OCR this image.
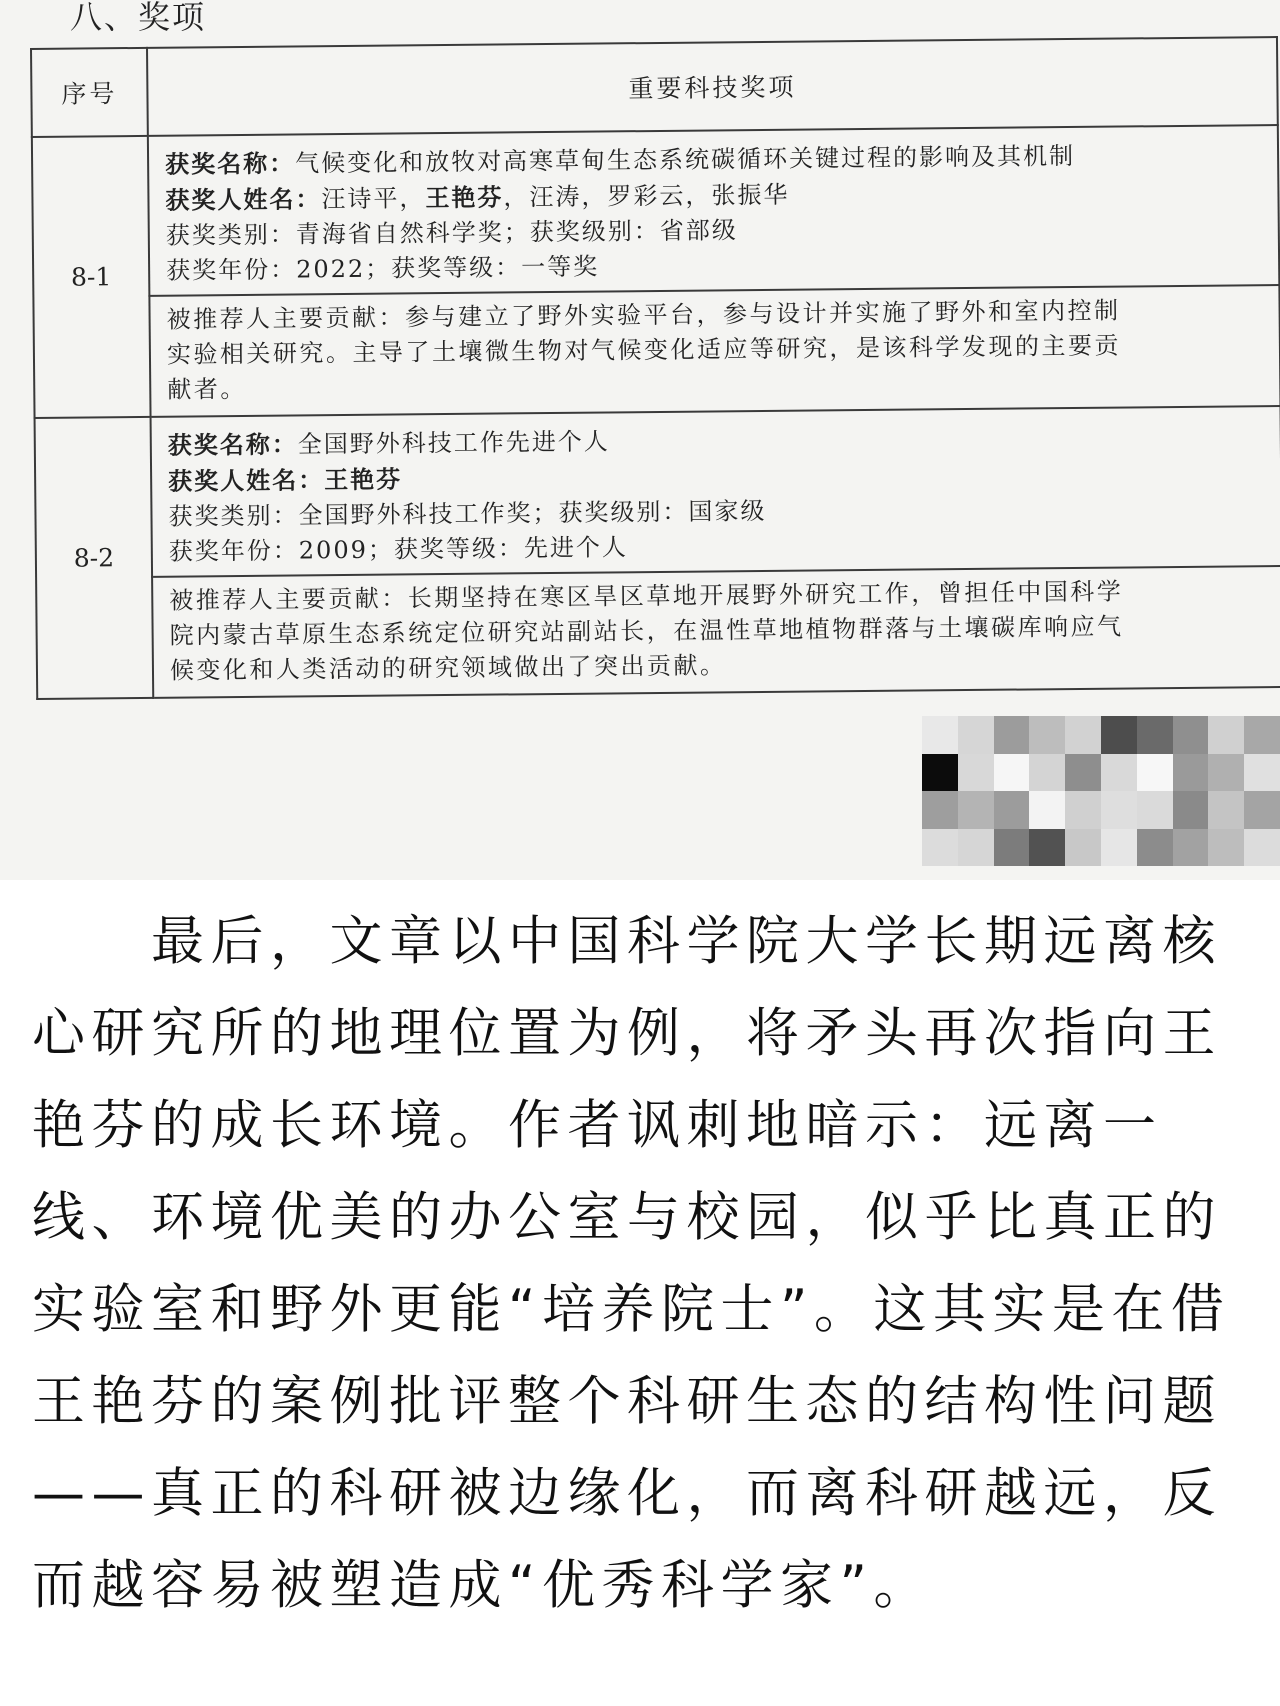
八、奖项
序号	重要科技奖项
8-1	获奖名称：气候变化和放牧对高寒草甸生态系统碳循环关键过程的影响及其机制
获奖人姓名：汪诗平，王艳芬，汪涛，罗彩云，张振华
获奖类别：青海省自然科学奖；获奖级别：省部级
获奖年份：2022；获奖等级：一等奖

	被推荐人主要贡献：参与建立了野外实验平台，参与设计并实施了野外和室内控制
实验相关研究。主导了土壤微生物对气候变化适应等研究，是该科学发现的主要贡
献者。
8-2	获奖名称：全国野外科技工作先进个人
获奖人姓名：王艳芬
获奖类别：全国野外科技工作奖；获奖级别：国家级
获奖年份：2009；获奖等级：先进个人

	被推荐人主要贡献：长期坚持在寒区旱区草地开展野外研究工作，曾担任中国科学
院内蒙古草原生态系统定位研究站副站长，在温性草地植物群落与土壤碳库响应气
候变化和人类活动的研究领域做出了突出贡献。
　　最后，文章以中国科学院大学长期远离核
心研究所的地理位置为例，将矛头再次指向王
艳芬的成长环境。作者讽刺地暗示：远离一
线、环境优美的办公室与校园，似乎比真正的
实验室和野外更能“培养院士”。这其实是在借
王艳芬的案例批评整个科研生态的结构性问题
——真正的科研被边缘化，而离科研越远，反
而越容易被塑造成“优秀科学家”。
